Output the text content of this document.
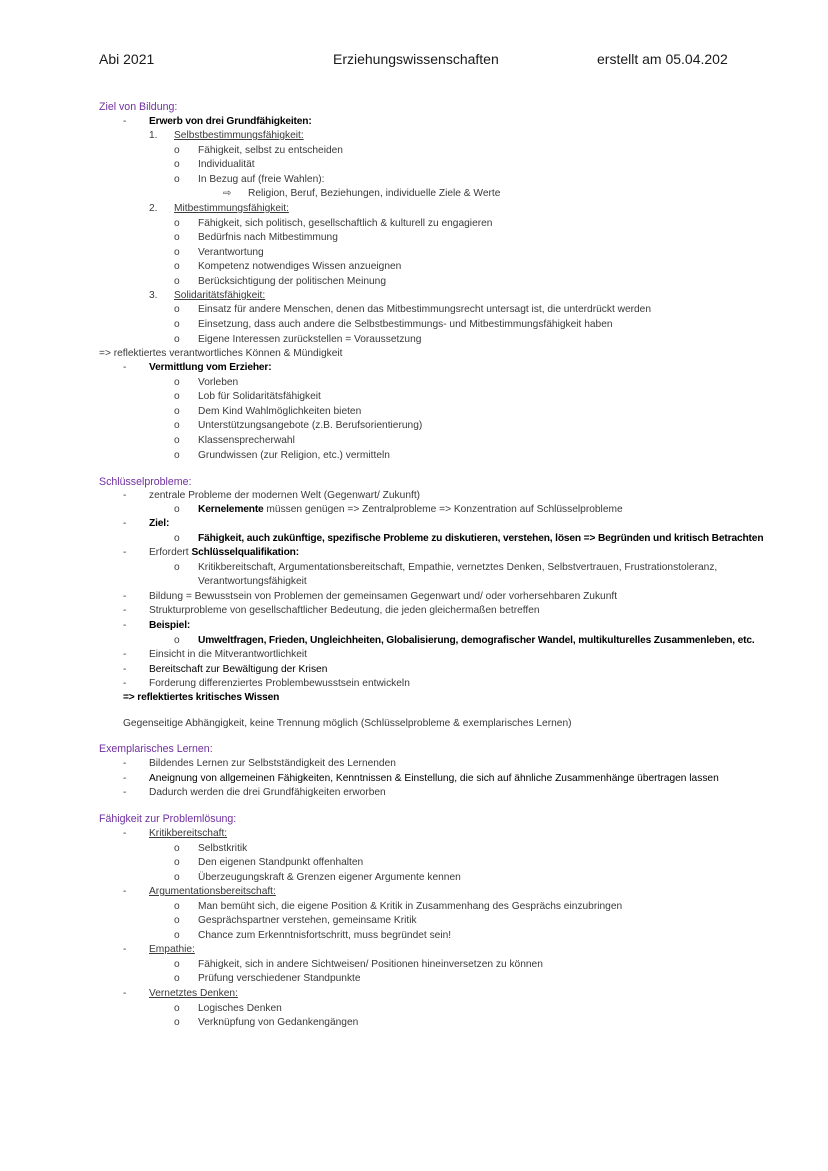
Abi 2021	Erziehungswissenschaften	erstellt am 05.04.202
Ziel von Bildung:
- Erwerb von drei Grundfähigkeiten:
1. Selbstbestimmungsfähigkeit:
o Fähigkeit, selbst zu entscheiden
o Individualität
o In Bezug auf (freie Wahlen):
⇨ Religion, Beruf, Beziehungen, individuelle Ziele & Werte
2. Mitbestimmungsfähigkeit:
o Fähigkeit, sich politisch, gesellschaftlich & kulturell zu engagieren
o Bedürfnis nach Mitbestimmung
o Verantwortung
o Kompetenz notwendiges Wissen anzueignen
o Berücksichtigung der politischen Meinung
3. Solidaritätsfähigkeit:
o Einsatz für andere Menschen, denen das Mitbestimmungsrecht untersagt ist, die unterdrückt werden
o Einsetzung, dass auch andere die Selbstbestimmungs- und Mitbestimmungsfähigkeit haben
o Eigene Interessen zurückstellen = Voraussetzung
=> reflektiertes verantwortliches Können & Mündigkeit
- Vermittlung vom Erzieher:
o Vorleben
o Lob für Solidaritätsfähigkeit
o Dem Kind Wahlmöglichkeiten bieten
o Unterstützungsangebote (z.B. Berufsorientierung)
o Klassensprecherwahl
o Grundwissen (zur Religion, etc.) vermitteln
Schlüsselprobleme:
- zentrale Probleme der modernen Welt (Gegenwart/ Zukunft)
o Kernelemente müssen genügen => Zentralprobleme => Konzentration auf Schlüsselprobleme
- Ziel:
o Fähigkeit, auch zukünftige, spezifische Probleme zu diskutieren, verstehen, lösen => Begründen und kritisch Betrachten
- Erfordert Schlüsselqualifikation:
o Kritikbereitschaft, Argumentationsbereitschaft, Empathie, vernetztes Denken, Selbstvertrauen, Frustrationstoleranz,
Verantwortungsfähigkeit
- Bildung = Bewusstsein von Problemen der gemeinsamen Gegenwart und/ oder vorhersehbaren Zukunft
- Strukturprobleme von gesellschaftlicher Bedeutung, die jeden gleichermaßen betreffen
- Beispiel:
o Umweltfragen, Frieden, Ungleichheiten, Globalisierung, demografischer Wandel, multikulturelles Zusammenleben, etc.
- Einsicht in die Mitverantwortlichkeit
- Bereitschaft zur Bewältigung der Krisen
- Forderung differenziertes Problembewusstsein entwickeln
=> reflektiertes kritisches Wissen
Gegenseitige Abhängigkeit, keine Trennung möglich (Schlüsselprobleme & exemplarisches Lernen)
Exemplarisches Lernen:
- Bildendes Lernen zur Selbstständigkeit des Lernenden
- Aneignung von allgemeinen Fähigkeiten, Kenntnissen & Einstellung, die sich auf ähnliche Zusammenhänge übertragen lassen
- Dadurch werden die drei Grundfähigkeiten erworben
Fähigkeit zur Problemlösung:
- Kritikbereitschaft:
o Selbstkritik
o Den eigenen Standpunkt offenhalten
o Überzeugungskraft & Grenzen eigener Argumente kennen
- Argumentationsbereitschaft:
o Man bemüht sich, die eigene Position & Kritik in Zusammenhang des Gesprächs einzubringen
o Gesprächspartner verstehen, gemeinsame Kritik
o Chance zum Erkenntnisfortschritt, muss begründet sein!
- Empathie:
o Fähigkeit, sich in andere Sichtweisen/ Positionen hineinversetzen zu können
o Prüfung verschiedener Standpunkte
- Vernetztes Denken:
o Logisches Denken
o Verknüpfung von Gedankengängen
